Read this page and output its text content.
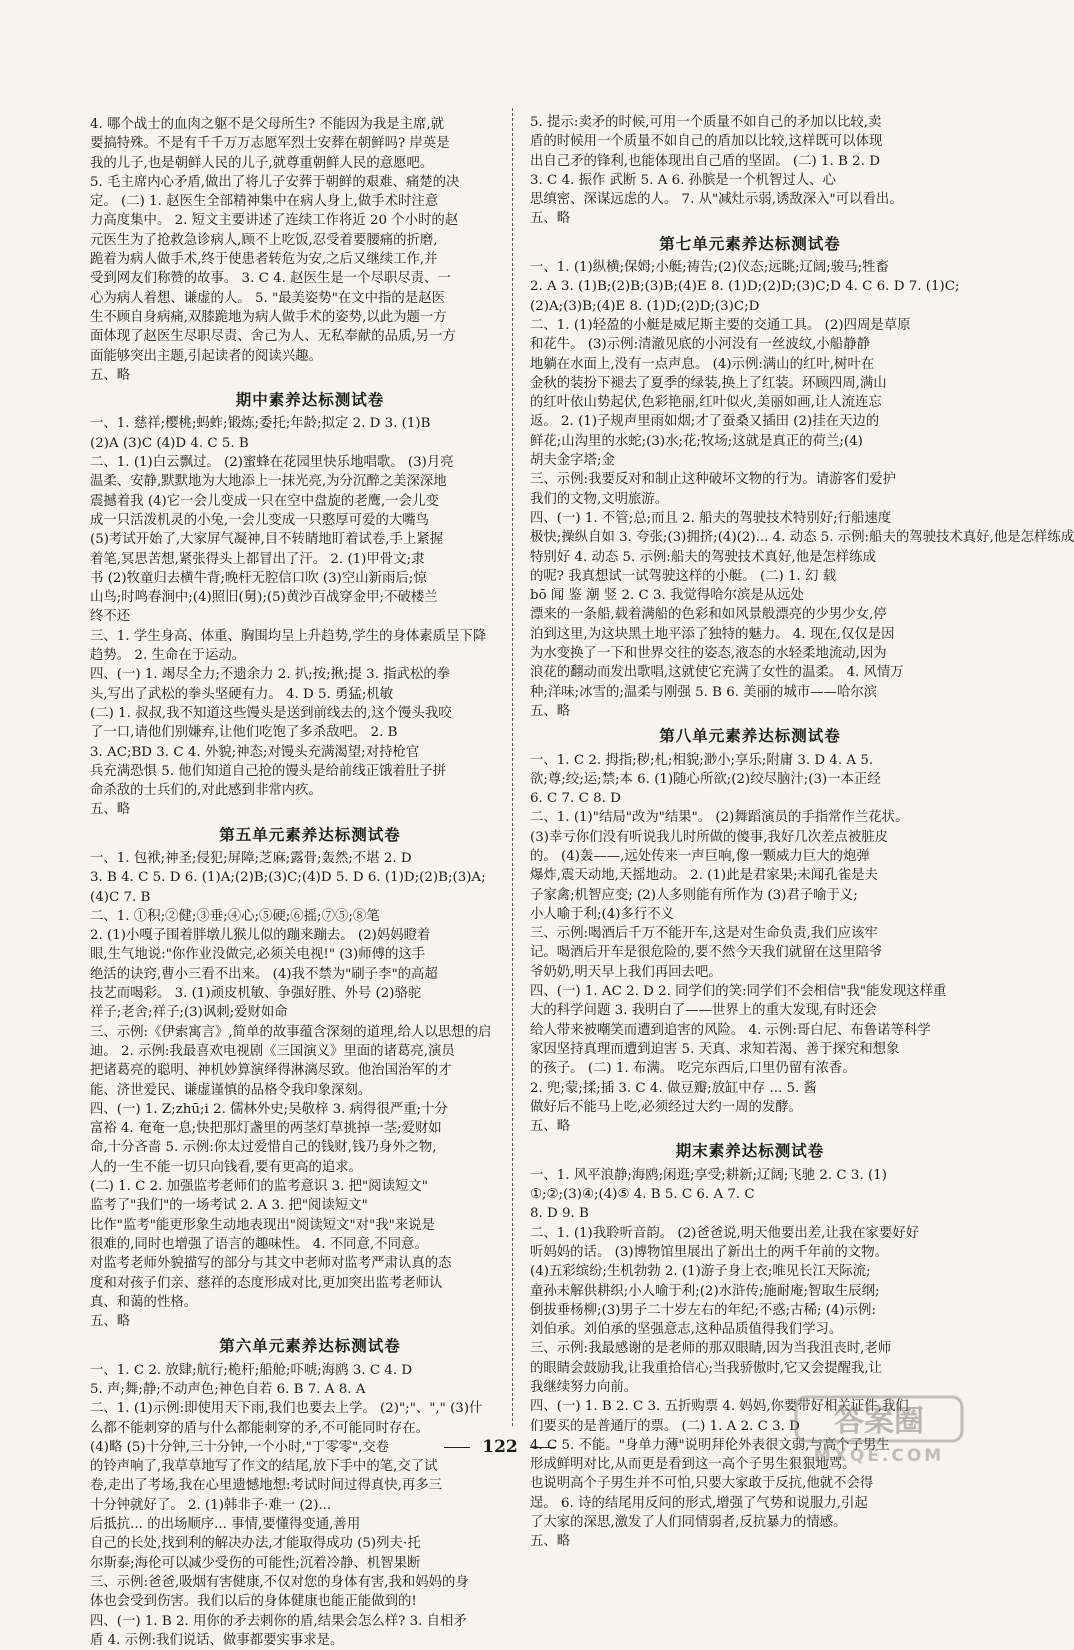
4. 哪个战士的血肉之躯不是父母所生? 不能因为我是主席,就
要搞特殊。不是有千千万万志愿军烈士安葬在朝鲜吗? 岸英是
我的儿子,也是朝鲜人民的儿子,就尊重朝鲜人民的意愿吧。
5. 毛主席内心矛盾,做出了将儿子安葬于朝鲜的艰难、痛楚的决
定。 (二) 1. 赵医生全部精神集中在病人身上,做手术时注意
力高度集中。 2. 短文主要讲述了连续工作将近 20 个小时的赵
元医生为了抢救急诊病人,顾不上吃饭,忍受着要腰痛的折磨,
跪着为病人做手术,终于使患者转危为安,之后又继续工作,并
受到网友们称赞的故事。 3. C 4. 赵医生是一个尽职尽责、一
心为病人着想、谦虚的人。 5. "最美姿势"在文中指的是赵医
生不顾自身病痛,双膝跪地为病人做手术的姿势,以此为题一方
面体现了赵医生尽职尽责、舍己为人、无私奉献的品质,另一方
面能够突出主题,引起读者的阅读兴趣。
五、略
期中素养达标测试卷
一、1. 慈祥;樱桃;蚂蚱;锻炼;委托;年龄;拟定 2. D 3. (1)B
(2)A (3)C (4)D 4. C 5. B
二、1. (1)白云飘过。 (2)蜜蜂在花园里快乐地唱歌。 (3)月亮
温柔、安静,默默地为大地添上一抹光亮,为分沉醉之美深深地
震撼着我 (4)它一会儿变成一只在空中盘旋的老鹰,一会儿变
成一只活泼机灵的小兔,一会儿变成一只憨厚可爱的大嘴鸟
(5)考试开始了,大家屏气凝神,目不转睛地盯着试卷,手上紧握
着笔,冥思苦想,紧张得头上都冒出了汗。 2. (1)甲骨文;隶
书 (2)牧童归去横牛背;晚杆无腔信口吹 (3)空山新雨后;惊
山鸟;时鸣春涧中;(4)照旧(舅);(5)黄沙百战穿金甲;不破楼兰
终不还
三、1. 学生身高、体重、胸围均呈上升趋势,学生的身体素质呈下降
趋势。 2. 生命在于运动。
四、(一) 1. 竭尽全力;不遗余力 2. 扒;按;揪;提 3. 指武松的拳
头,写出了武松的拳头坚硬有力。 4. D 5. 勇猛;机敏
(二) 1. 叔叔,我不知道这些馒头是送到前线去的,这个馒头我咬
了一口,请他们别嫌弃,让他们吃饱了多杀敌吧。 2. B
3. AC;BD 3. C 4. 外貌;神态;对馒头充满渴望;对持枪官
兵充满恐惧 5. 他们知道自己抢的馒头是给前线正饿着肚子拼
命杀敌的士兵们的,对此感到非常内疚。
五、略
第五单元素养达标测试卷
一、1. 包袱;神圣;侵犯;屏障;芝麻;露骨;轰然;不堪 2. D
3. B 4. C 5. D 6. (1)A;(2)B;(3)C;(4)D 5. D 6. (1)D;(2)B;(3)A;
(4)C 7. B
二、1. ①积;②健;③垂;④心;⑤硬;⑥摇;⑦⑤;⑧笔
2. (1)小嘎子围着胖墩儿猴儿似的蹦来蹦去。 (2)妈妈瞪着
眼,生气地说:"你作业没做完,必须关电视!" (3)师傅的这手
绝活的诀窍,曹小三看不出来。 (4)我不禁为"刷子李"的高超
技艺而喝彩。 3. (1)顽皮机敏、争强好胜、外号 (2)骆驼
祥子;老舍;祥子;(3)讽刺;爱财如命
三、示例:《伊索寓言》,简单的故事蕴含深刻的道理,给人以思想的启
迪。 2. 示例:我最喜欢电视剧《三国演义》里面的诸葛亮,演员
把诸葛亮的聪明、神机妙算演绎得淋漓尽致。他治国治军的才
能、济世爱民、谦虚谨慎的品格令我印象深刻。
四、(一) 1. Z;zhū;i 2. 儒林外史;吴敬梓 3. 病得很严重;十分
富裕 4. 奄奄一息;快把那灯盏里的两茎灯草挑掉一茎;爱财如
命,十分吝啬 5. 示例:你太过爱惜自己的钱财,钱乃身外之物,
人的一生不能一切只向钱看,要有更高的追求。
(二) 1. C 2. 加强监考老师们的监考意识 3. 把"阅读短文"
监考了"我们"的一场考试 2. A 3. 把"阅读短文"
比作"监考"能更形象生动地表现出"阅读短文"对"我"来说是
很难的,同时也增强了语言的趣味性。 4. 不同意,不同意。
对监考老师外貌描写的部分与其文中老师对监考严肃认真的态
度和对孩子们亲、慈祥的态度形成对比,更加突出监考老师认
真、和蔼的性格。
五、略
第六单元素养达标测试卷
一、1. C 2. 放肆;航行;桅杆;船舱;吓唬;海鸥 3. C 4. D
5. 声;舞;静;不动声色;神色自若 6. B 7. A 8. A
二、1. (1)示例:即使用天下雨,我们也要去上学。 (2)";"、"," (3)什
么都不能刺穿的盾与什么都能刺穿的矛,不可能同时存在。
(4)略 (5)十分钟,三十分钟,一个小时,"丁零零",交卷
的铃声响了,我草草地写了作文的结尾,放下手中的笔,交了试
卷,走出了考场,我在心里遗憾地想:考试时间过得真快,再多三
十分钟就好了。 2. (1)韩非子·难一 (2)...
后抵抗... 的出场顺序... 事情,要懂得变通,善用
自己的长处,找到利的解决办法,才能取得成功 (5)列夫·托
尔斯泰;海伦可以减少受伤的可能性;沉着冷静、机智果断
三、示例:爸爸,吸烟有害健康,不仅对您的身体有害,我和妈妈的身
体也会受到伤害。我们以后的身体健康也能正能做到的!
四、(一) 1. B 2. 用你的矛去刺你的盾,结果会怎么样? 3. 自相矛
盾 4. 示例:我们说话、做事都要实事求是。
5. 提示:卖矛的时候,可用一个质量不如自己的矛加以比较,卖
盾的时候用一个质量不如自己的盾加以比较,这样既可以体现
出自己矛的锋利,也能体现出自己盾的坚固。 (二) 1. B 2. D
3. C 4. 振作 武断 5. A 6. 孙膑是一个机智过人、心
思缜密、深谋远虑的人。 7. 从"减灶示弱,诱敌深入"可以看出。
五、略
第七单元素养达标测试卷
一、1. (1)纵横;保姆;小艇;祷告;(2)仪态;远眺;辽阔;骏马;牲畜
2. A 3. (1)B;(2)B;(3)B;(4)E 8. (1)D;(2)D;(3)C;D 4. C 6. D 7. (1)C;
(2)A;(3)B;(4)E 8. (1)D;(2)D;(3)C;D
二、1. (1)轻盈的小艇是威尼斯主要的交通工具。 (2)四周是草原
和花牛。 (3)示例:清澈见底的小河没有一丝波纹,小船静静
地躺在水面上,没有一点声息。 (4)示例:满山的红叶,树叶在
金秋的装扮下褪去了夏季的绿装,换上了红装。环顾四周,满山
的红叶依山势起伏,色彩艳丽,红叶似火,美丽如画,让人流连忘
返。 2. (1)子规声里雨如烟;才了蚕桑又插田 (2)挂在天边的
鲜花;山沟里的水蛇;(3)水;花;牧场;这就是真正的荷兰;(4)
胡夫金字塔;金
三、示例:我要反对和制止这种破坏文物的行为。请游客们爱护
我们的文物,文明旅游。
四、(一) 1. 不管;总;而且 2. 船夫的驾驶技术特别好;行船速度
极快;操纵自如 3. 夸张;(3)拥挤;(4)(2)... 4. 动态 5. 示例:船夫的驾驶技术真好,他是怎样练成
特别好 4. 动态 5. 示例:船夫的驾驶技术真好,他是怎样练成
的呢? 我真想试一试驾驶这样的小艇。 (二) 1. 幻 载
bō 闻 鉴 潮 竖 2. C 3. 我觉得哈尔滨是从远处
漂来的一条船,载着满船的色彩和如风景般漂亮的少男少女,停
泊到这里,为这块黑土地平添了独特的魅力。 4. 现在,仅仅是因
为水变换了一下和世界交往的姿态,液态的水轻柔地流动,因为
浪花的翻动而发出歌唱,这就使它充满了女性的温柔。 4. 风情万
种;洋味;冰雪的;温柔与刚强 5. B 6. 美丽的城市——哈尔滨
五、略
第八单元素养达标测试卷
一、1. C 2. 拇指;秽;札;相貌;渺小;享乐;附庸 3. D 4. A 5.
欲;尊;绞;运;禁;本 6. (1)随心所欲;(2)绞尽脑汁;(3)一本正经
6. C 7. C 8. D
二、1. (1)"结局"改为"结果"。 (2)舞蹈演员的手指常作兰花状。
(3)幸亏你们没有听说我儿时所做的傻事,我好几次差点被脏皮
的。 (4)轰——,远处传来一声巨响,像一颗威力巨大的炮弹
爆炸,震天动地,天摇地动。 2. (1)此是君家果;未闻孔雀是夫
子家禽;机智应变; (2)人多则能有所作为 (3)君子喻于义;
小人喻于利;(4)多行不义
三、示例:喝酒后千万不能开车,这是对生命负责,我们应该牢
记。喝酒后开车是很危险的,要不然今天我们就留在这里陪爷
爷奶奶,明天早上我们再回去吧。
四、(一) 1. AC 2. D 2. 同学们的笑:同学们不会相信"我"能发现这样重
大的科学问题 3. 我明白了——世界上的重大发现,有时还会
给人带来被嘲笑而遭到追害的风险。 4. 示例:哥白尼、布鲁诺等科学
家因坚持真理而遭到迫害 5. 天真、求知若渴、善于探究和想象
的孩子。 (二) 1. 布满。 吃完东西后,口里仍留有浓香。
2. 兜;蒙;揉;插 3. C 4. 做豆瓣;放缸中存 ... 5. 酱
做好后不能马上吃,必须经过大约一周的发酵。
五、略
期末素养达标测试卷
一、1. 风平浪静;海鸥;闲逛;享受;耕新;辽阔;飞驰 2. C 3. (1)
①;②;(3)④;(4)⑤ 4. B 5. C 6. A 7. C
8. D 9. B
二、1. (1)我聆听音韵。 (2)爸爸说,明天他要出差,让我在家要好好
听妈妈的话。 (3)博物馆里展出了新出土的两千年前的文物。
(4)五彩缤纷;生机勃勃 2. (1)游子身上衣;唯见长江天际流;
童孙未解供耕织;小人喻于利;(2)水浒传;施耐庵;智取生辰纲;
倒拔垂杨柳;(3)男子二十岁左右的年纪;不惑;古稀; (4)示例:
刘伯承。刘伯承的坚强意志,这种品质值得我们学习。
三、示例:我最感谢的是老师的那双眼睛,因为当我沮丧时,老师
的眼睛会鼓励我,让我重拾信心;当我骄傲时,它又会提醒我,让
我继续努力向前。
四、(一) 1. B 2. C 3. 五折购票 4. 妈妈,你要带好相关证件,我们
们要买的是普通厅的票。 (二) 1. A 2. C 3. D
4. C 5. 不能。"身单力薄"说明拜伦外表很文弱,与高个子男生
形成鲜明对比,从而更是看到这一高个子男生狠狠地骂。
也说明高个子男生并不可怕,只要大家敢于反抗,他就不会得
逞。 6. 诗的结尾用反问的形式,增强了气势和说服力,引起
了大家的深思,激发了人们同情弱者,反抗暴力的情感。
五、略
122
答案圈
MXQE.COM
